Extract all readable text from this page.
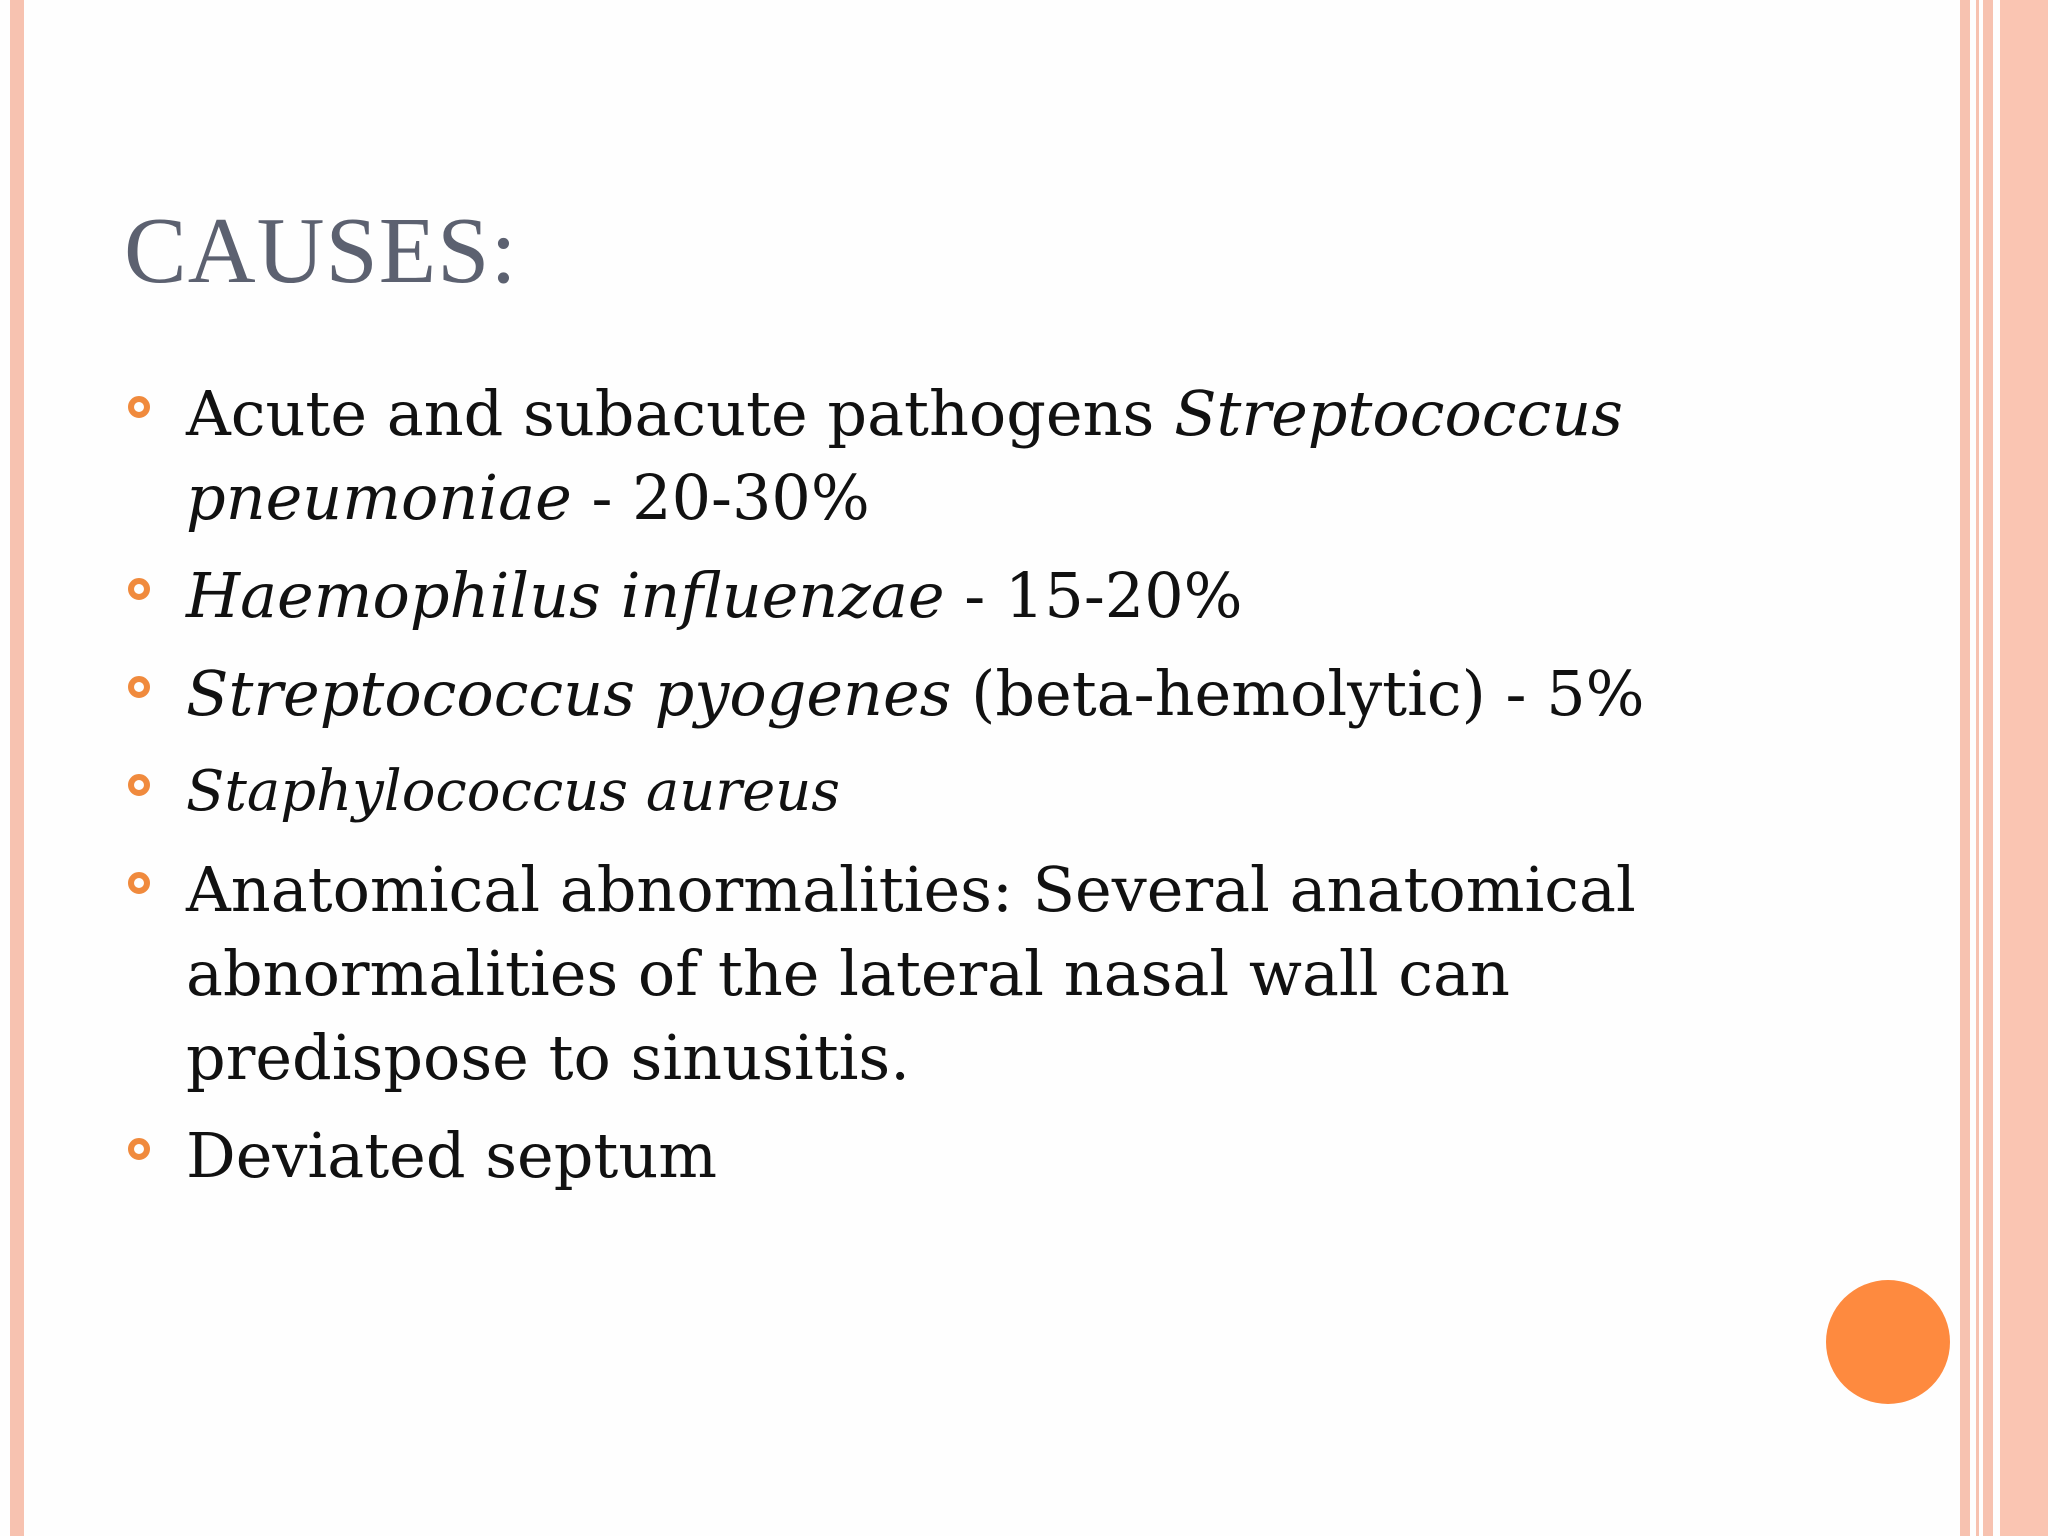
CAUSES:
Acute and subacute pathogens Streptococcus pneumoniae - 20-30%
Haemophilus influenzae - 15-20%
Streptococcus pyogenes (beta-hemolytic) - 5%
Staphylococcus aureus
Anatomical abnormalities: Several anatomical abnormalities of the lateral nasal wall can predispose to sinusitis.
Deviated septum
